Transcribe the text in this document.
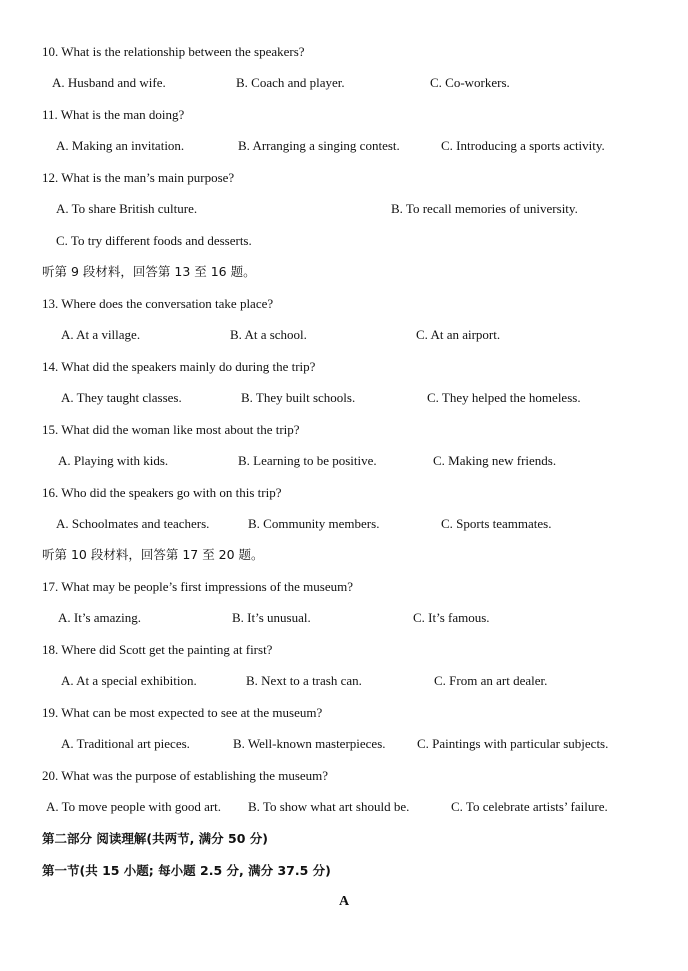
10. What is the relationship between the speakers?
A. Husband and wife.	B. Coach and player.	C. Co-workers.
11. What is the man doing?
A. Making an invitation.	B. Arranging a singing contest.	C. Introducing a sports activity.
12. What is the man’s main purpose?
A. To share British culture.	B. To recall memories of university.
C. To try different foods and desserts.
听第 9 段材料，回答第 13 至 16 题。
13. Where does the conversation take place?
A. At a village.	B. At a school.	C. At an airport.
14. What did the speakers mainly do during the trip?
A. They taught classes.	B. They built schools.	C. They helped the homeless.
15. What did the woman like most about the trip?
A. Playing with kids.	B. Learning to be positive.	C. Making new friends.
16. Who did the speakers go with on this trip?
A. Schoolmates and teachers.	B. Community members.	C. Sports teammates.
听第 10 段材料，回答第 17 至 20 题。
17. What may be people’s first impressions of the museum?
A. It’s amazing.	B. It’s unusual.	C. It’s famous.
18. Where did Scott get the painting at first?
A. At a special exhibition.	B. Next to a trash can.	C. From an art dealer.
19. What can be most expected to see at the museum?
A. Traditional art pieces.	B. Well-known masterpieces. C. Paintings with particular subjects.
20. What was the purpose of establishing the museum?
A. To move people with good art. B. To show what art should be.	C. To celebrate artists’ failure.
第二部分 阅读理解(共两节, 满分 50 分)
第一节(共 15 小题; 每小题 2.5 分, 满分 37.5 分)
A
